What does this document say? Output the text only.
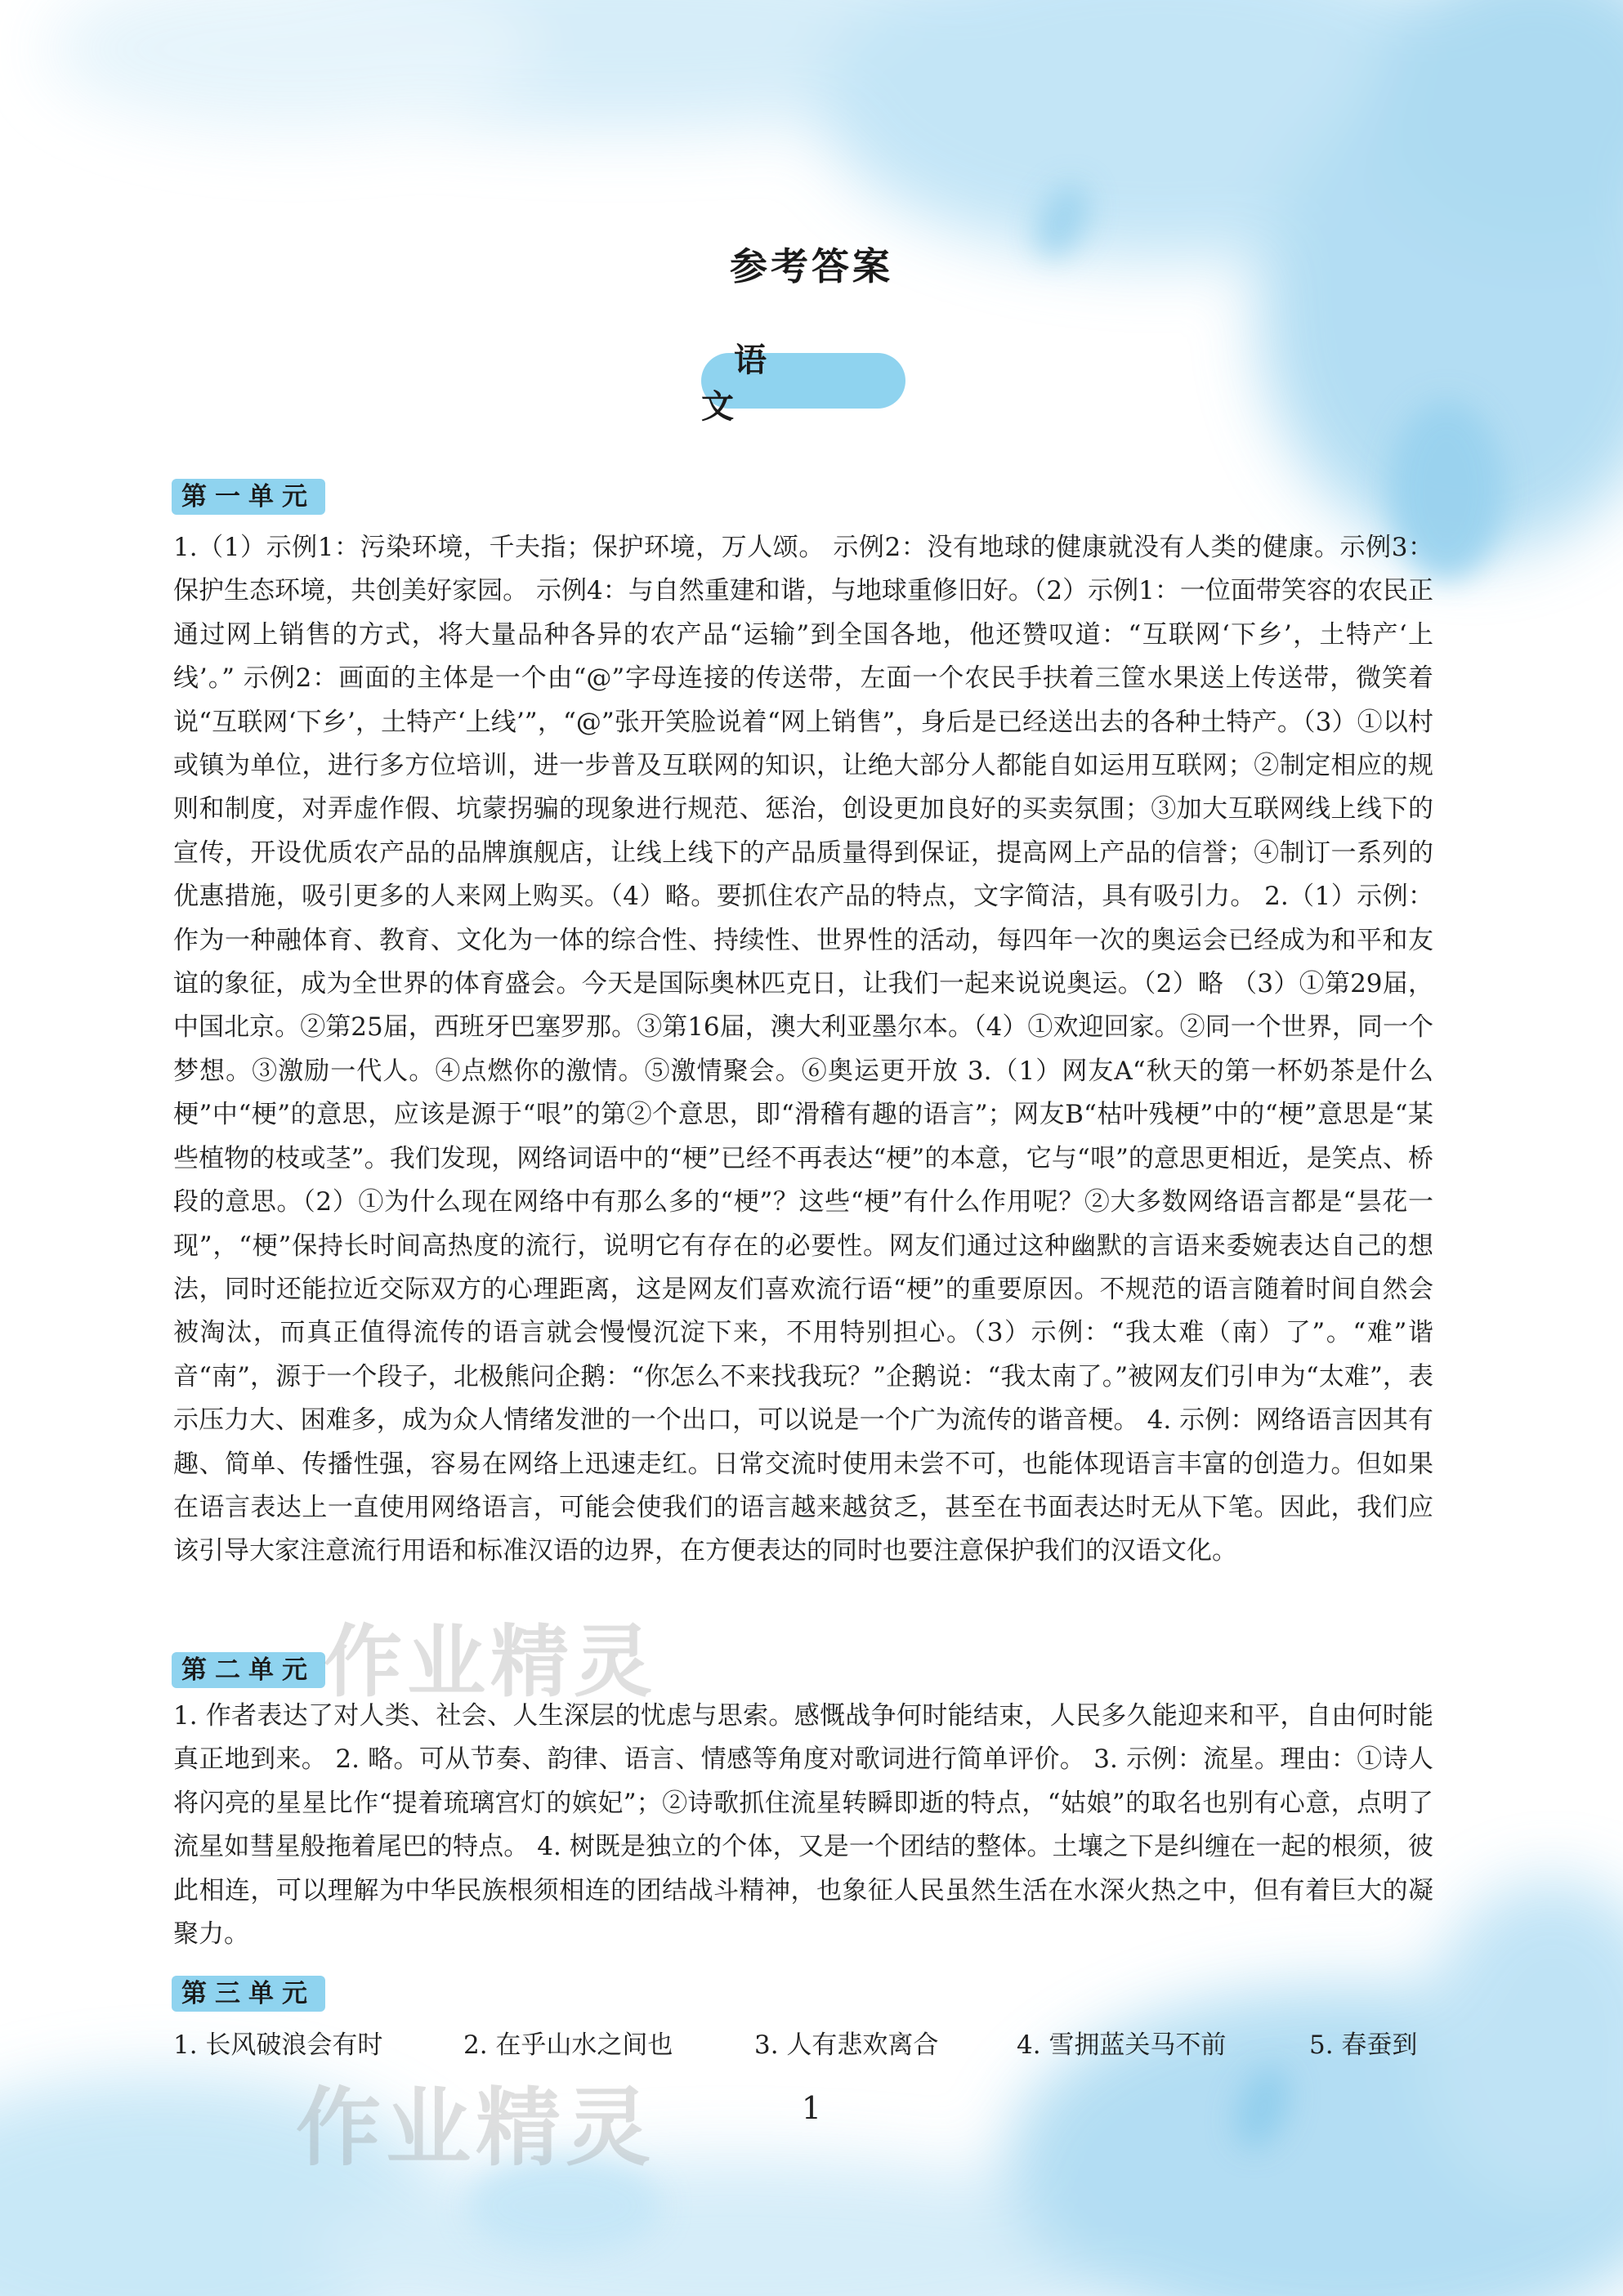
参考答案
语　文
第一单元

1.（1）示例1：污染环境，千夫指；保护环境，万人颂。 示例2：没有地球的健康就没有人类的健康。示例3：保护生态环境，共创美好家园。 示例4：与自然重建和谐，与地球重修旧好。（2）示例1：一位面带笑容的农民正通过网上销售的方式，将大量品种各异的农产品“运输”到全国各地，他还赞叹道：“互联网‘下乡’，土特产‘上线’。” 示例2：画面的主体是一个由“@”字母连接的传送带，左面一个农民手扶着三筐水果送上传送带，微笑着说“互联网‘下乡’，土特产‘上线’”，“@”张开笑脸说着“网上销售”，身后是已经送出去的各种土特产。（3）①以村或镇为单位，进行多方位培训，进一步普及互联网的知识，让绝大部分人都能自如运用互联网；②制定相应的规则和制度，对弄虚作假、坑蒙拐骗的现象进行规范、惩治，创设更加良好的买卖氛围；③加大互联网线上线下的宣传，开设优质农产品的品牌旗舰店，让线上线下的产品质量得到保证，提高网上产品的信誉；④制订一系列的优惠措施，吸引更多的人来网上购买。（4）略。要抓住农产品的特点，文字简洁，具有吸引力。 2.（1）示例：作为一种融体育、教育、文化为一体的综合性、持续性、世界性的活动，每四年一次的奥运会已经成为和平和友谊的象征，成为全世界的体育盛会。今天是国际奥林匹克日，让我们一起来说说奥运。（2）略 （3）①第29届，中国北京。②第25届，西班牙巴塞罗那。③第16届，澳大利亚墨尔本。（4）①欢迎回家。②同一个世界，同一个梦想。③激励一代人。④点燃你的激情。⑤激情聚会。⑥奥运更开放 3.（1）网友A“秋天的第一杯奶茶是什么梗”中“梗”的意思，应该是源于“哏”的第②个意思，即“滑稽有趣的语言”；网友B“枯叶残梗”中的“梗”意思是“某些植物的枝或茎”。我们发现，网络词语中的“梗”已经不再表达“梗”的本意，它与“哏”的意思更相近，是笑点、桥段的意思。（2）①为什么现在网络中有那么多的“梗”？这些“梗”有什么作用呢？②大多数网络语言都是“昙花一现”，“梗”保持长时间高热度的流行，说明它有存在的必要性。网友们通过这种幽默的言语来委婉表达自己的想法，同时还能拉近交际双方的心理距离，这是网友们喜欢流行语“梗”的重要原因。不规范的语言随着时间自然会被淘汰，而真正值得流传的语言就会慢慢沉淀下来，不用特别担心。（3）示例：“我太难（南）了”。“难”谐音“南”，源于一个段子，北极熊问企鹅：“你怎么不来找我玩？”企鹅说：“我太南了。”被网友们引申为“太难”，表示压力大、困难多，成为众人情绪发泄的一个出口，可以说是一个广为流传的谐音梗。 4. 示例：网络语言因其有趣、简单、传播性强，容易在网络上迅速走红。日常交流时使用未尝不可，也能体现语言丰富的创造力。但如果在语言表达上一直使用网络语言，可能会使我们的语言越来越贫乏，甚至在书面表达时无从下笔。因此，我们应该引导大家注意流行用语和标准汉语的边界，在方便表达的同时也要注意保护我们的汉语文化。

第二单元

1. 作者表达了对人类、社会、人生深层的忧虑与思索。感慨战争何时能结束，人民多久能迎来和平，自由何时能真正地到来。 2. 略。可从节奏、韵律、语言、情感等角度对歌词进行简单评价。 3. 示例：流星。理由：①诗人将闪亮的星星比作“提着琉璃宫灯的嫔妃”；②诗歌抓住流星转瞬即逝的特点，“姑娘”的取名也别有心意，点明了流星如彗星般拖着尾巴的特点。 4. 树既是独立的个体，又是一个团结的整体。土壤之下是纠缠在一起的根须，彼此相连，可以理解为中华民族根须相连的团结战斗精神，也象征人民虽然生活在水深火热之中，但有着巨大的凝聚力。

第三单元
1. 长风破浪会有时	2. 在乎山水之间也	3. 人有悲欢离合	4. 雪拥蓝关马不前	5. 春蚕到
1
作业精灵
作业精灵
